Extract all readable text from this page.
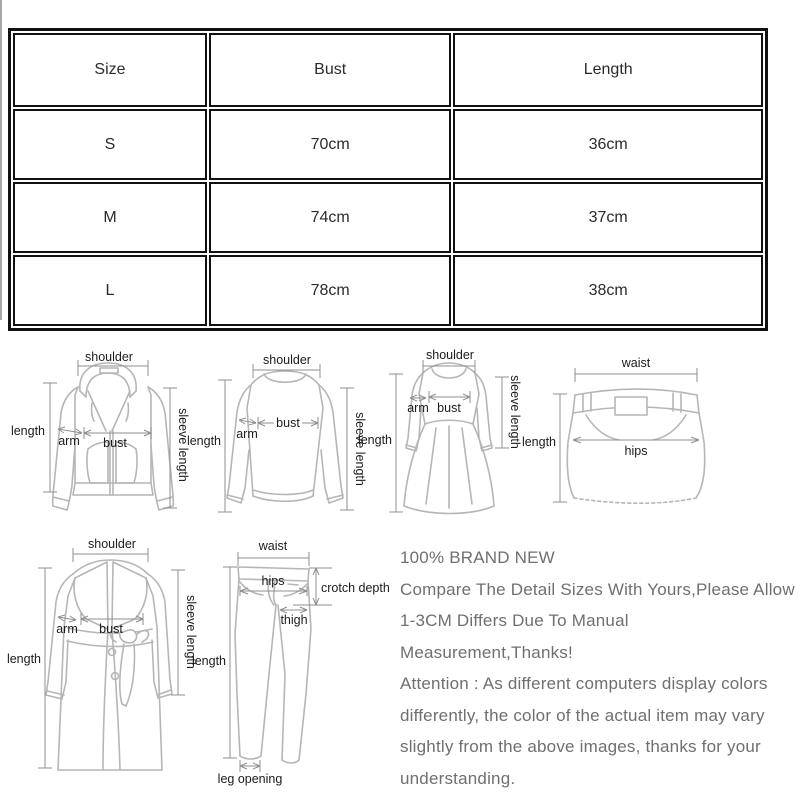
Size	Bust	Length
S	70cm	36cm
M	74cm	37cm
L	78cm	38cm
shoulder
length
arm bust	sleeve length
shoulder
length arm
bust	sleeve length
shoulder
length
arm bust	sleeve length
waist
length
hips
shoulder
length
arm bust	sleeve length
waist
hips	crotch depth
thigh
length
leg opening

100% BRAND NEW

Compare The Detail Sizes With Yours,Please Allow

1-3CM Differs Due To Manual Measurement,Thanks!

Attention : As different computers display colors

differently, the color of the actual item may vary

slightly from the above images, thanks for your

understanding.
